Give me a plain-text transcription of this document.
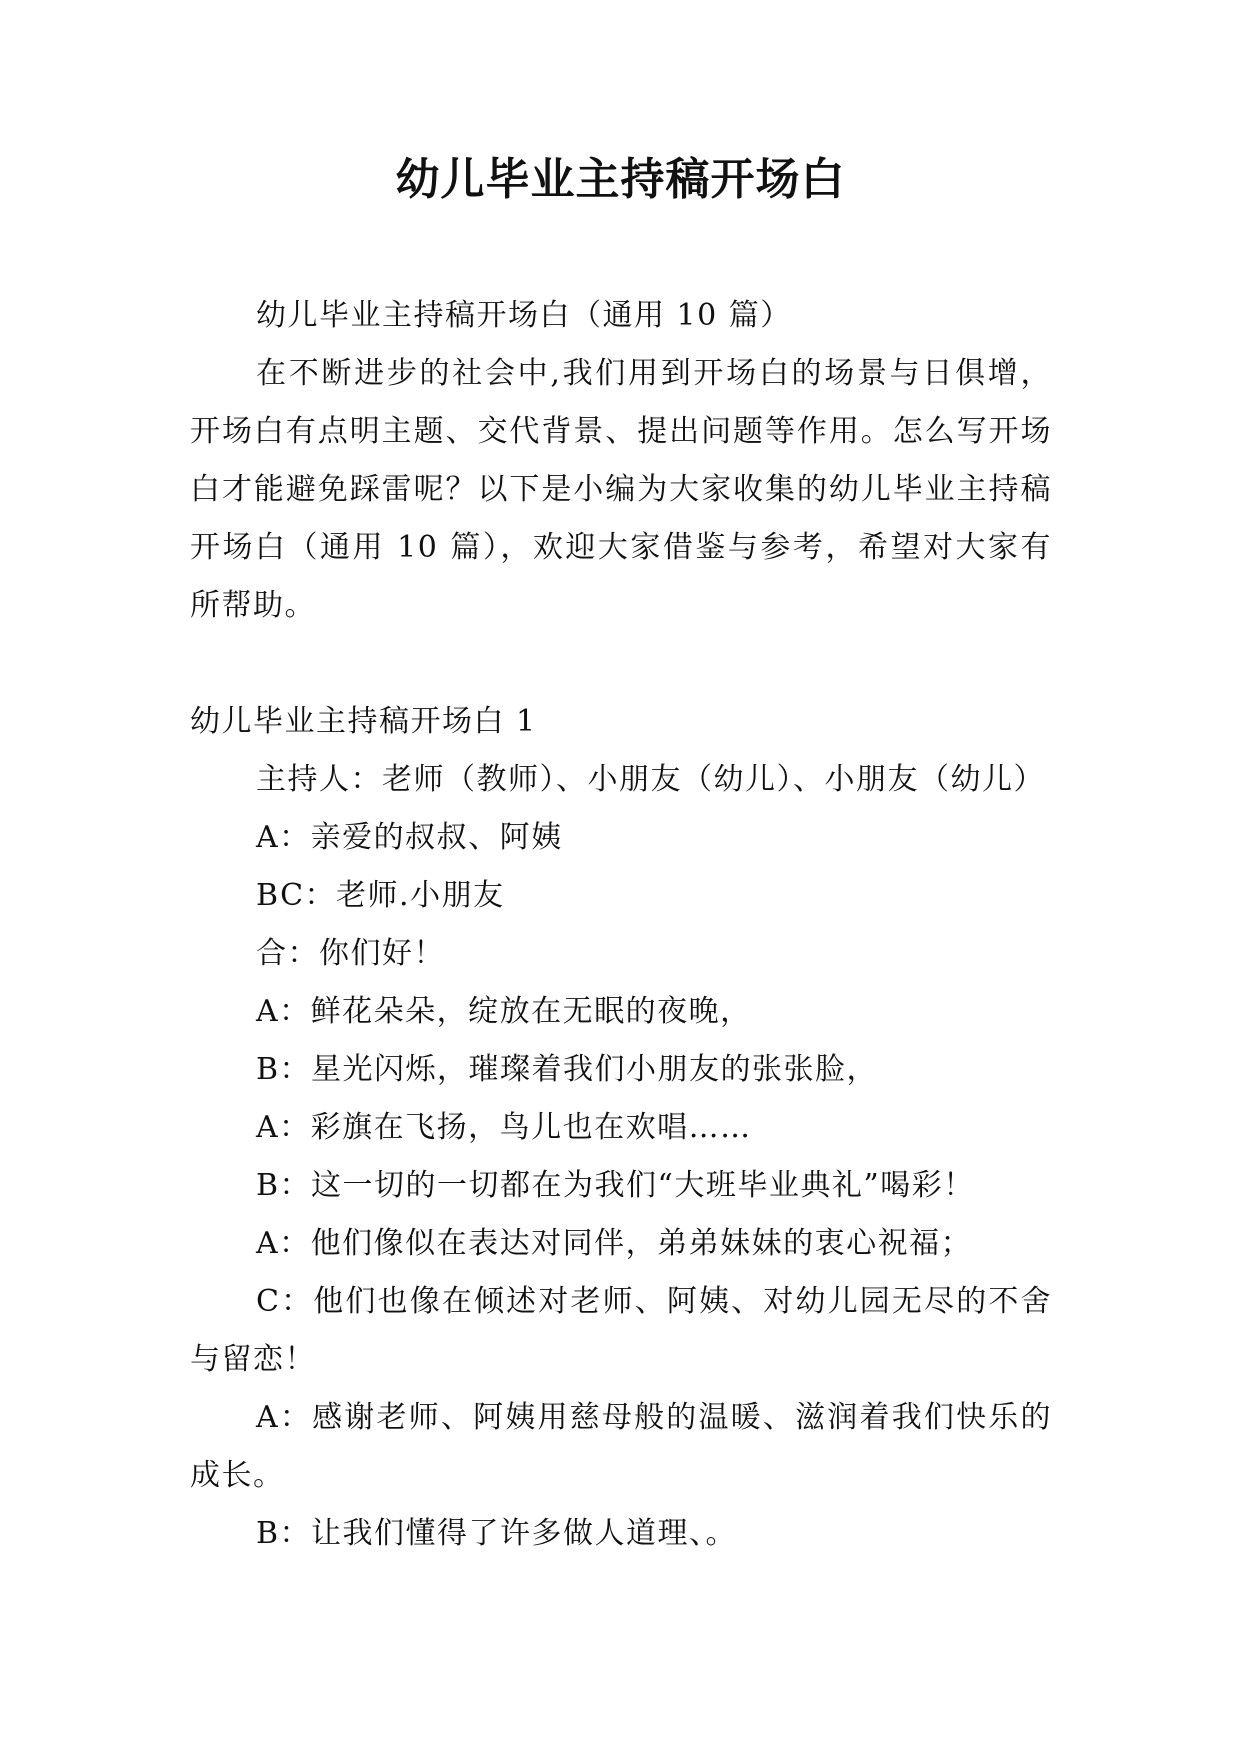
幼儿毕业主持稿开场白

幼儿毕业主持稿开场白（通用 10 篇）

在不断进步的社会中,我们用到开场白的场景与日俱增，开场白有点明主题、交代背景、提出问题等作用。怎么写开场白才能避免踩雷呢？以下是小编为大家收集的幼儿毕业主持稿开场白（通用 10 篇），欢迎大家借鉴与参考，希望对大家有所帮助。

幼儿毕业主持稿开场白 1

主持人：老师（教师）、小朋友（幼儿）、小朋友（幼儿）

A：亲爱的叔叔、阿姨

BC：老师.小朋友

合：你们好！

A：鲜花朵朵，绽放在无眠的夜晚，

B：星光闪烁，璀璨着我们小朋友的张张脸，

A：彩旗在飞扬，鸟儿也在欢唱……

B：这一切的一切都在为我们“大班毕业典礼”喝彩！

A：他们像似在表达对同伴，弟弟妹妹的衷心祝福；

C：他们也像在倾述对老师、阿姨、对幼儿园无尽的不舍与留恋！

A：感谢老师、阿姨用慈母般的温暖、滋润着我们快乐的成长。

B：让我们懂得了许多做人道理、。
